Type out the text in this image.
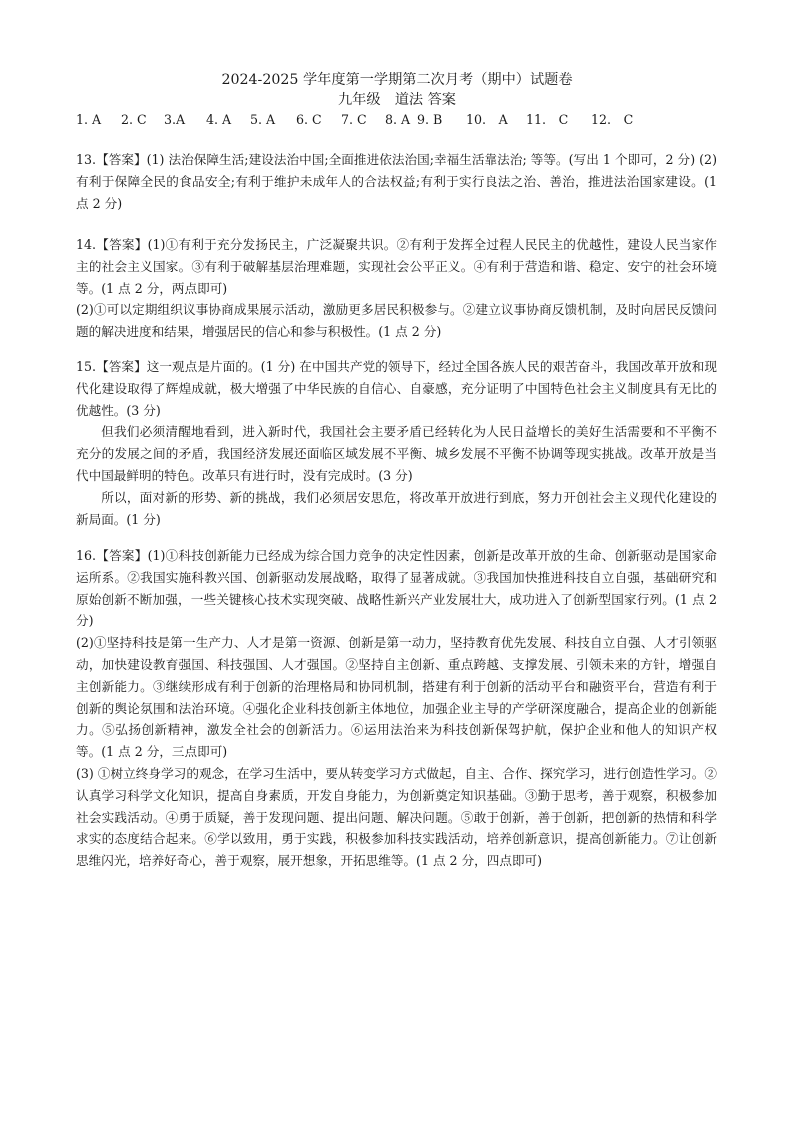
2024-2025 学年度第一学期第二次月考（期中）试题卷
九年级　道法 答案
1. A 2. C 3.A 4. A 5. A 6. C 7. C 8. A 9. B 10.　A 11.　C 12.　C

13.【答案】(1) 法治保障生活;建设法治中国;全面推进依法治国;幸福生活靠法治; 等等。(写出 1 个即可，2 分) (2) 有利于保障全民的食品安全;有利于维护未成年人的合法权益;有利于实行良法之治、善治，推进法治国家建设。(1 点 2 分)

14.【答案】(1)①有利于充分发扬民主，广泛凝聚共识。②有利于发挥全过程人民民主的优越性，建设人民当家作主的社会主义国家。③有利于破解基层治理难题，实现社会公平正义。④有利于营造和谐、稳定、安宁的社会环境等。(1 点 2 分，两点即可)

(2)①可以定期组织议事协商成果展示活动，激励更多居民积极参与。②建立议事协商反馈机制，及时向居民反馈问题的解决进度和结果，增强居民的信心和参与积极性。(1 点 2 分)

15.【答案】这一观点是片面的。(1 分) 在中国共产党的领导下，经过全国各族人民的艰苦奋斗，我国改革开放和现代化建设取得了辉煌成就，极大增强了中华民族的自信心、自豪感，充分证明了中国特色社会主义制度具有无比的优越性。(3 分)

但我们必须清醒地看到，进入新时代，我国社会主要矛盾已经转化为人民日益增长的美好生活需要和不平衡不充分的发展之间的矛盾，我国经济发展还面临区域发展不平衡、城乡发展不平衡不协调等现实挑战。改革开放是当代中国最鲜明的特色。改革只有进行时，没有完成时。(3 分)

所以，面对新的形势、新的挑战，我们必须居安思危，将改革开放进行到底，努力开创社会主义现代化建设的新局面。(1 分)

16.【答案】(1)①科技创新能力已经成为综合国力竞争的决定性因素，创新是改革开放的生命、创新驱动是国家命运所系。②我国实施科教兴国、创新驱动发展战略，取得了显著成就。③我国加快推进科技自立自强，基础研究和原始创新不断加强，一些关键核心技术实现突破、战略性新兴产业发展壮大，成功进入了创新型国家行列。(1 点 2 分)

(2)①坚持科技是第一生产力、人才是第一资源、创新是第一动力，坚持教育优先发展、科技自立自强、人才引领驱动，加快建设教育强国、科技强国、人才强国。②坚持自主创新、重点跨越、支撑发展、引领未来的方针，增强自主创新能力。③继续形成有利于创新的治理格局和协同机制，搭建有利于创新的活动平台和融资平台，营造有利于创新的舆论氛围和法治环境。④强化企业科技创新主体地位，加强企业主导的产学研深度融合，提高企业的创新能力。⑤弘扬创新精神，激发全社会的创新活力。⑥运用法治来为科技创新保驾护航，保护企业和他人的知识产权等。(1 点 2 分，三点即可)

(3) ①树立终身学习的观念，在学习生活中，要从转变学习方式做起，自主、合作、探究学习，进行创造性学习。②认真学习科学文化知识，提高自身素质，开发自身能力，为创新奠定知识基础。③勤于思考，善于观察，积极参加社会实践活动。④勇于质疑，善于发现问题、提出问题、解决问题。⑤敢于创新，善于创新，把创新的热情和科学求实的态度结合起来。⑥学以致用，勇于实践，积极参加科技实践活动，培养创新意识，提高创新能力。⑦让创新思维闪光，培养好奇心，善于观察，展开想象，开拓思维等。(1 点 2 分，四点即可)
